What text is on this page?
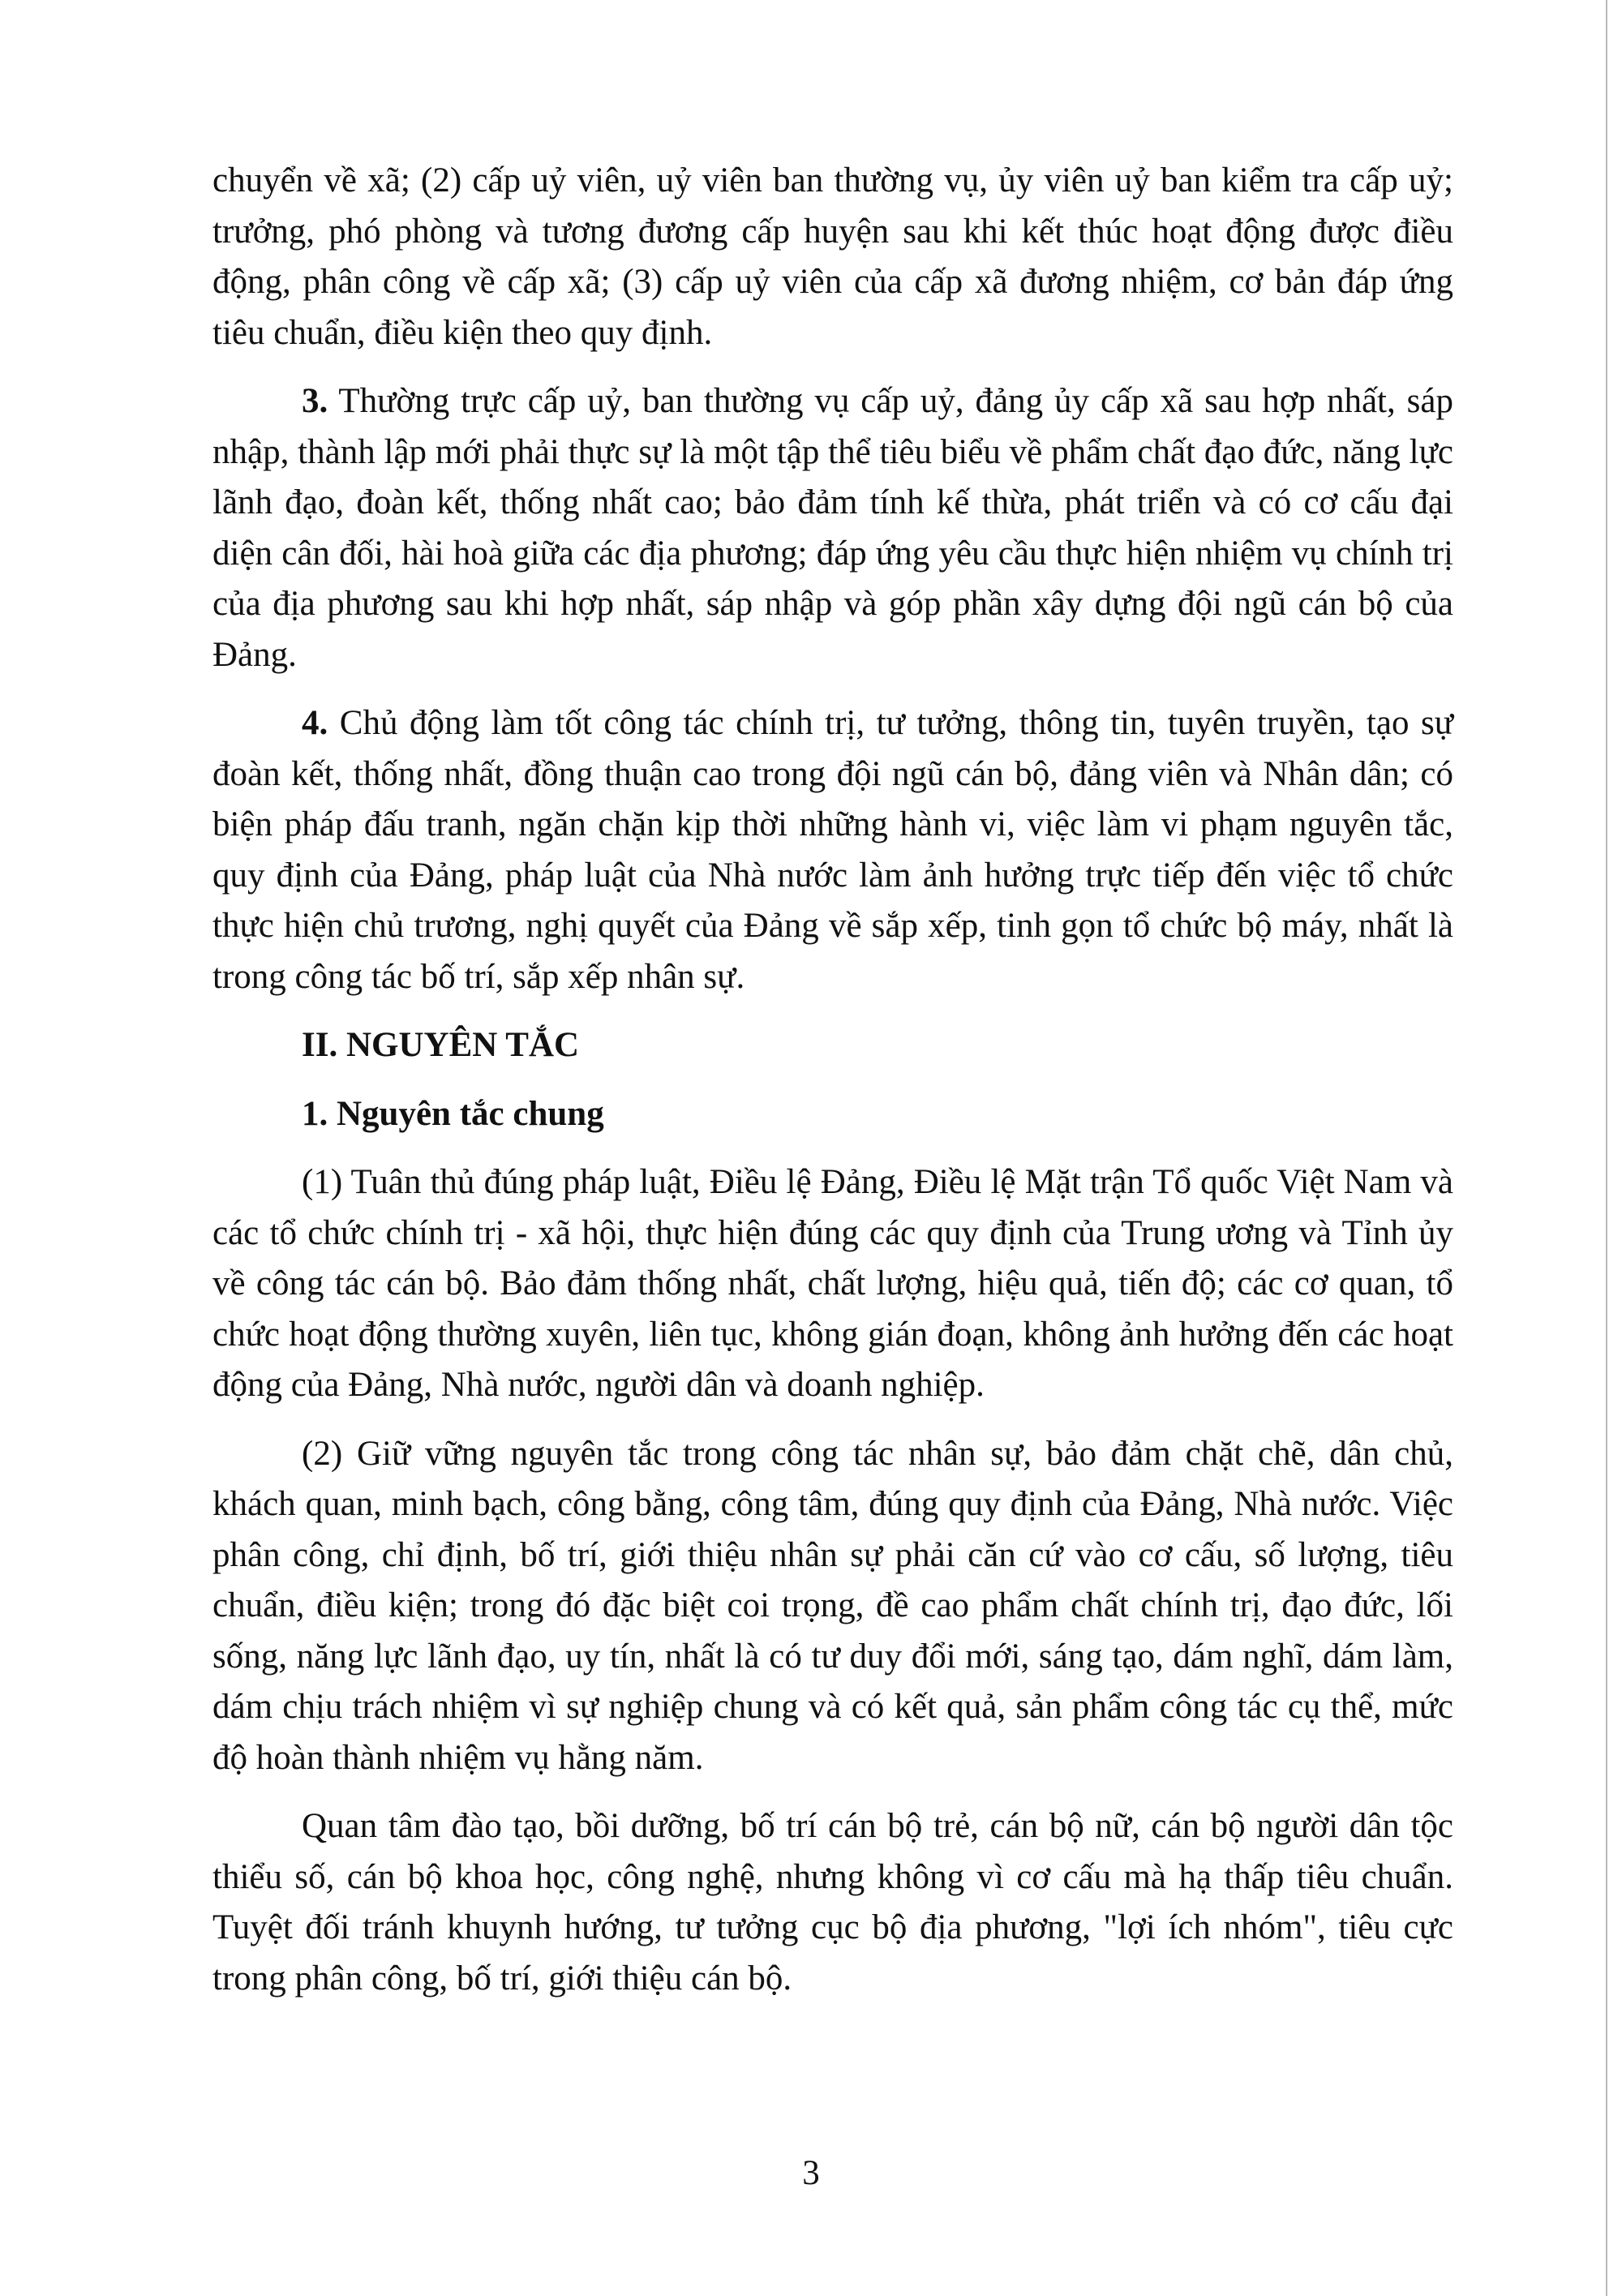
chuyển về xã; (2) cấp uỷ viên, uỷ viên ban thường vụ, ủy viên uỷ ban kiểm tra cấp uỷ; trưởng, phó phòng và tương đương cấp huyện sau khi kết thúc hoạt động được điều động, phân công về cấp xã; (3) cấp uỷ viên của cấp xã đương nhiệm, cơ bản đáp ứng tiêu chuẩn, điều kiện theo quy định.

3. Thường trực cấp uỷ, ban thường vụ cấp uỷ, đảng ủy cấp xã sau hợp nhất, sáp nhập, thành lập mới phải thực sự là một tập thể tiêu biểu về phẩm chất đạo đức, năng lực lãnh đạo, đoàn kết, thống nhất cao; bảo đảm tính kế thừa, phát triển và có cơ cấu đại diện cân đối, hài hoà giữa các địa phương; đáp ứng yêu cầu thực hiện nhiệm vụ chính trị của địa phương sau khi hợp nhất, sáp nhập và góp phần xây dựng đội ngũ cán bộ của Đảng.

4. Chủ động làm tốt công tác chính trị, tư tưởng, thông tin, tuyên truyền, tạo sự đoàn kết, thống nhất, đồng thuận cao trong đội ngũ cán bộ, đảng viên và Nhân dân; có biện pháp đấu tranh, ngăn chặn kịp thời những hành vi, việc làm vi phạm nguyên tắc, quy định của Đảng, pháp luật của Nhà nước làm ảnh hưởng trực tiếp đến việc tổ chức thực hiện chủ trương, nghị quyết của Đảng về sắp xếp, tinh gọn tổ chức bộ máy, nhất là trong công tác bố trí, sắp xếp nhân sự.

II. NGUYÊN TẮC
1. Nguyên tắc chung

(1) Tuân thủ đúng pháp luật, Điều lệ Đảng, Điều lệ Mặt trận Tổ quốc Việt Nam và các tổ chức chính trị - xã hội, thực hiện đúng các quy định của Trung ương và Tỉnh ủy về công tác cán bộ. Bảo đảm thống nhất, chất lượng, hiệu quả, tiến độ; các cơ quan, tổ chức hoạt động thường xuyên, liên tục, không gián đoạn, không ảnh hưởng đến các hoạt động của Đảng, Nhà nước, người dân và doanh nghiệp.

(2) Giữ vững nguyên tắc trong công tác nhân sự, bảo đảm chặt chẽ, dân chủ, khách quan, minh bạch, công bằng, công tâm, đúng quy định của Đảng, Nhà nước. Việc phân công, chỉ định, bố trí, giới thiệu nhân sự phải căn cứ vào cơ cấu, số lượng, tiêu chuẩn, điều kiện; trong đó đặc biệt coi trọng, đề cao phẩm chất chính trị, đạo đức, lối sống, năng lực lãnh đạo, uy tín, nhất là có tư duy đổi mới, sáng tạo, dám nghĩ, dám làm, dám chịu trách nhiệm vì sự nghiệp chung và có kết quả, sản phẩm công tác cụ thể, mức độ hoàn thành nhiệm vụ hằng năm.

Quan tâm đào tạo, bồi dưỡng, bố trí cán bộ trẻ, cán bộ nữ, cán bộ người dân tộc thiểu số, cán bộ khoa học, công nghệ, nhưng không vì cơ cấu mà hạ thấp tiêu chuẩn. Tuyệt đối tránh khuynh hướng, tư tưởng cục bộ địa phương, "lợi ích nhóm", tiêu cực trong phân công, bố trí, giới thiệu cán bộ.

3
